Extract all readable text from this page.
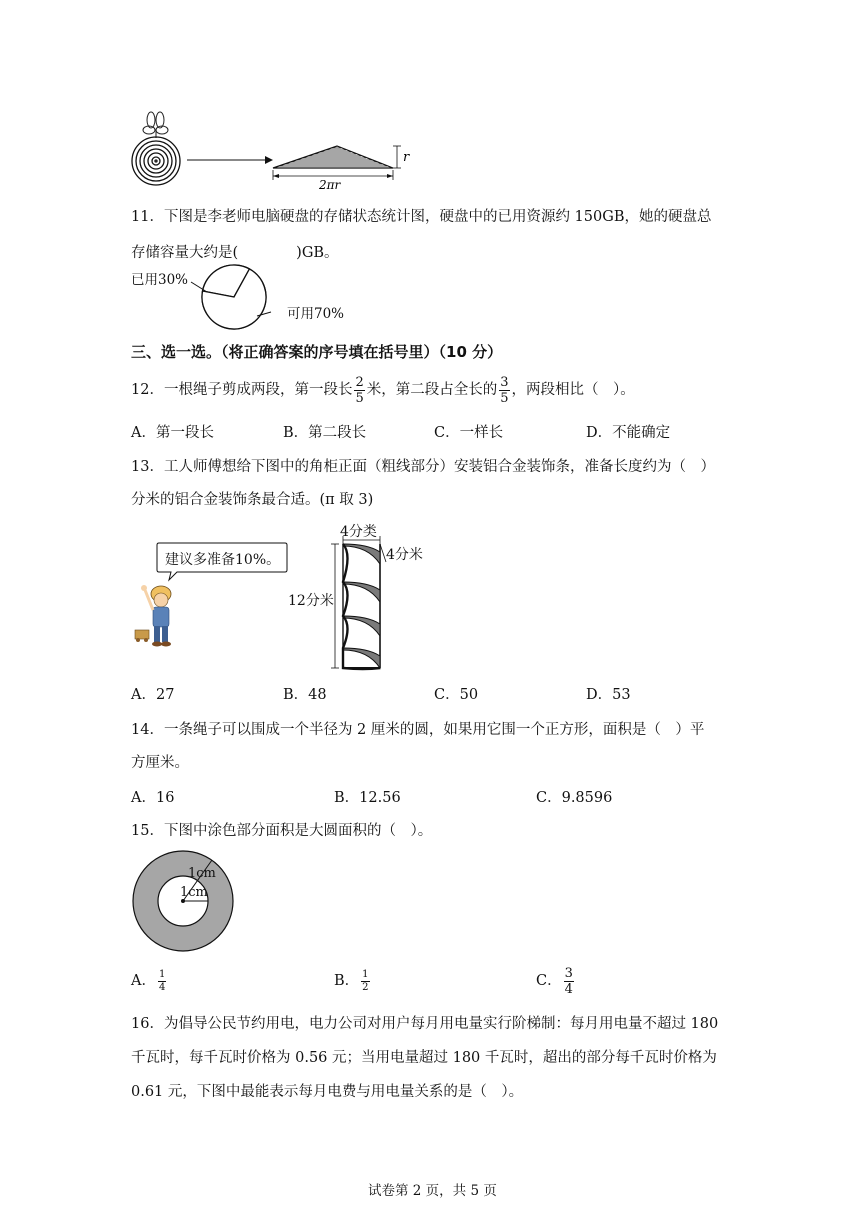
r
2πr
11．下图是李老师电脑硬盘的存储状态统计图，硬盘中的已用资源约 150GB，她的硬盘总
存储容量大约是(　　　　)GB。
已用30%
可用70%
三、选一选。（将正确答案的序号填在括号里）（10 分）
12．一根绳子剪成两段，第一段长 $\frac{2}{5}$ 米，第二段占全长的 $\frac{3}{5}$ ，两段相比（　）。
A．第一段长	B．第二段长	C．一样长	D．不能确定
13．工人师傅想给下图中的角柜正面（粗线部分）安装铝合金装饰条，准备长度约为（　）
分米的铝合金装饰条最合适。(π 取 3)
建议多准备10%。
12分米
4分类
4分米
A．27	B．48	C．50	D．53
14．一条绳子可以围成一个半径为 2 厘米的圆，如果用它围一个正方形，面积是（　）平
方厘米。
A．16	B．12.56	C．9.8596
15．下图中涂色部分面积是大圆面积的（　）。
1cm
1cm
A． $\frac{1}{4}$	B． $\frac{1}{2}$	C． $\frac{3}{4}$
16．为倡导公民节约用电，电力公司对用户每月用电量实行阶梯制：每月用电量不超过 180
千瓦时，每千瓦时价格为 0.56 元；当用电量超过 180 千瓦时，超出的部分每千瓦时价格为
0.61 元，下图中最能表示每月电费与用电量关系的是（　）。
试卷第 2 页，共 5 页
